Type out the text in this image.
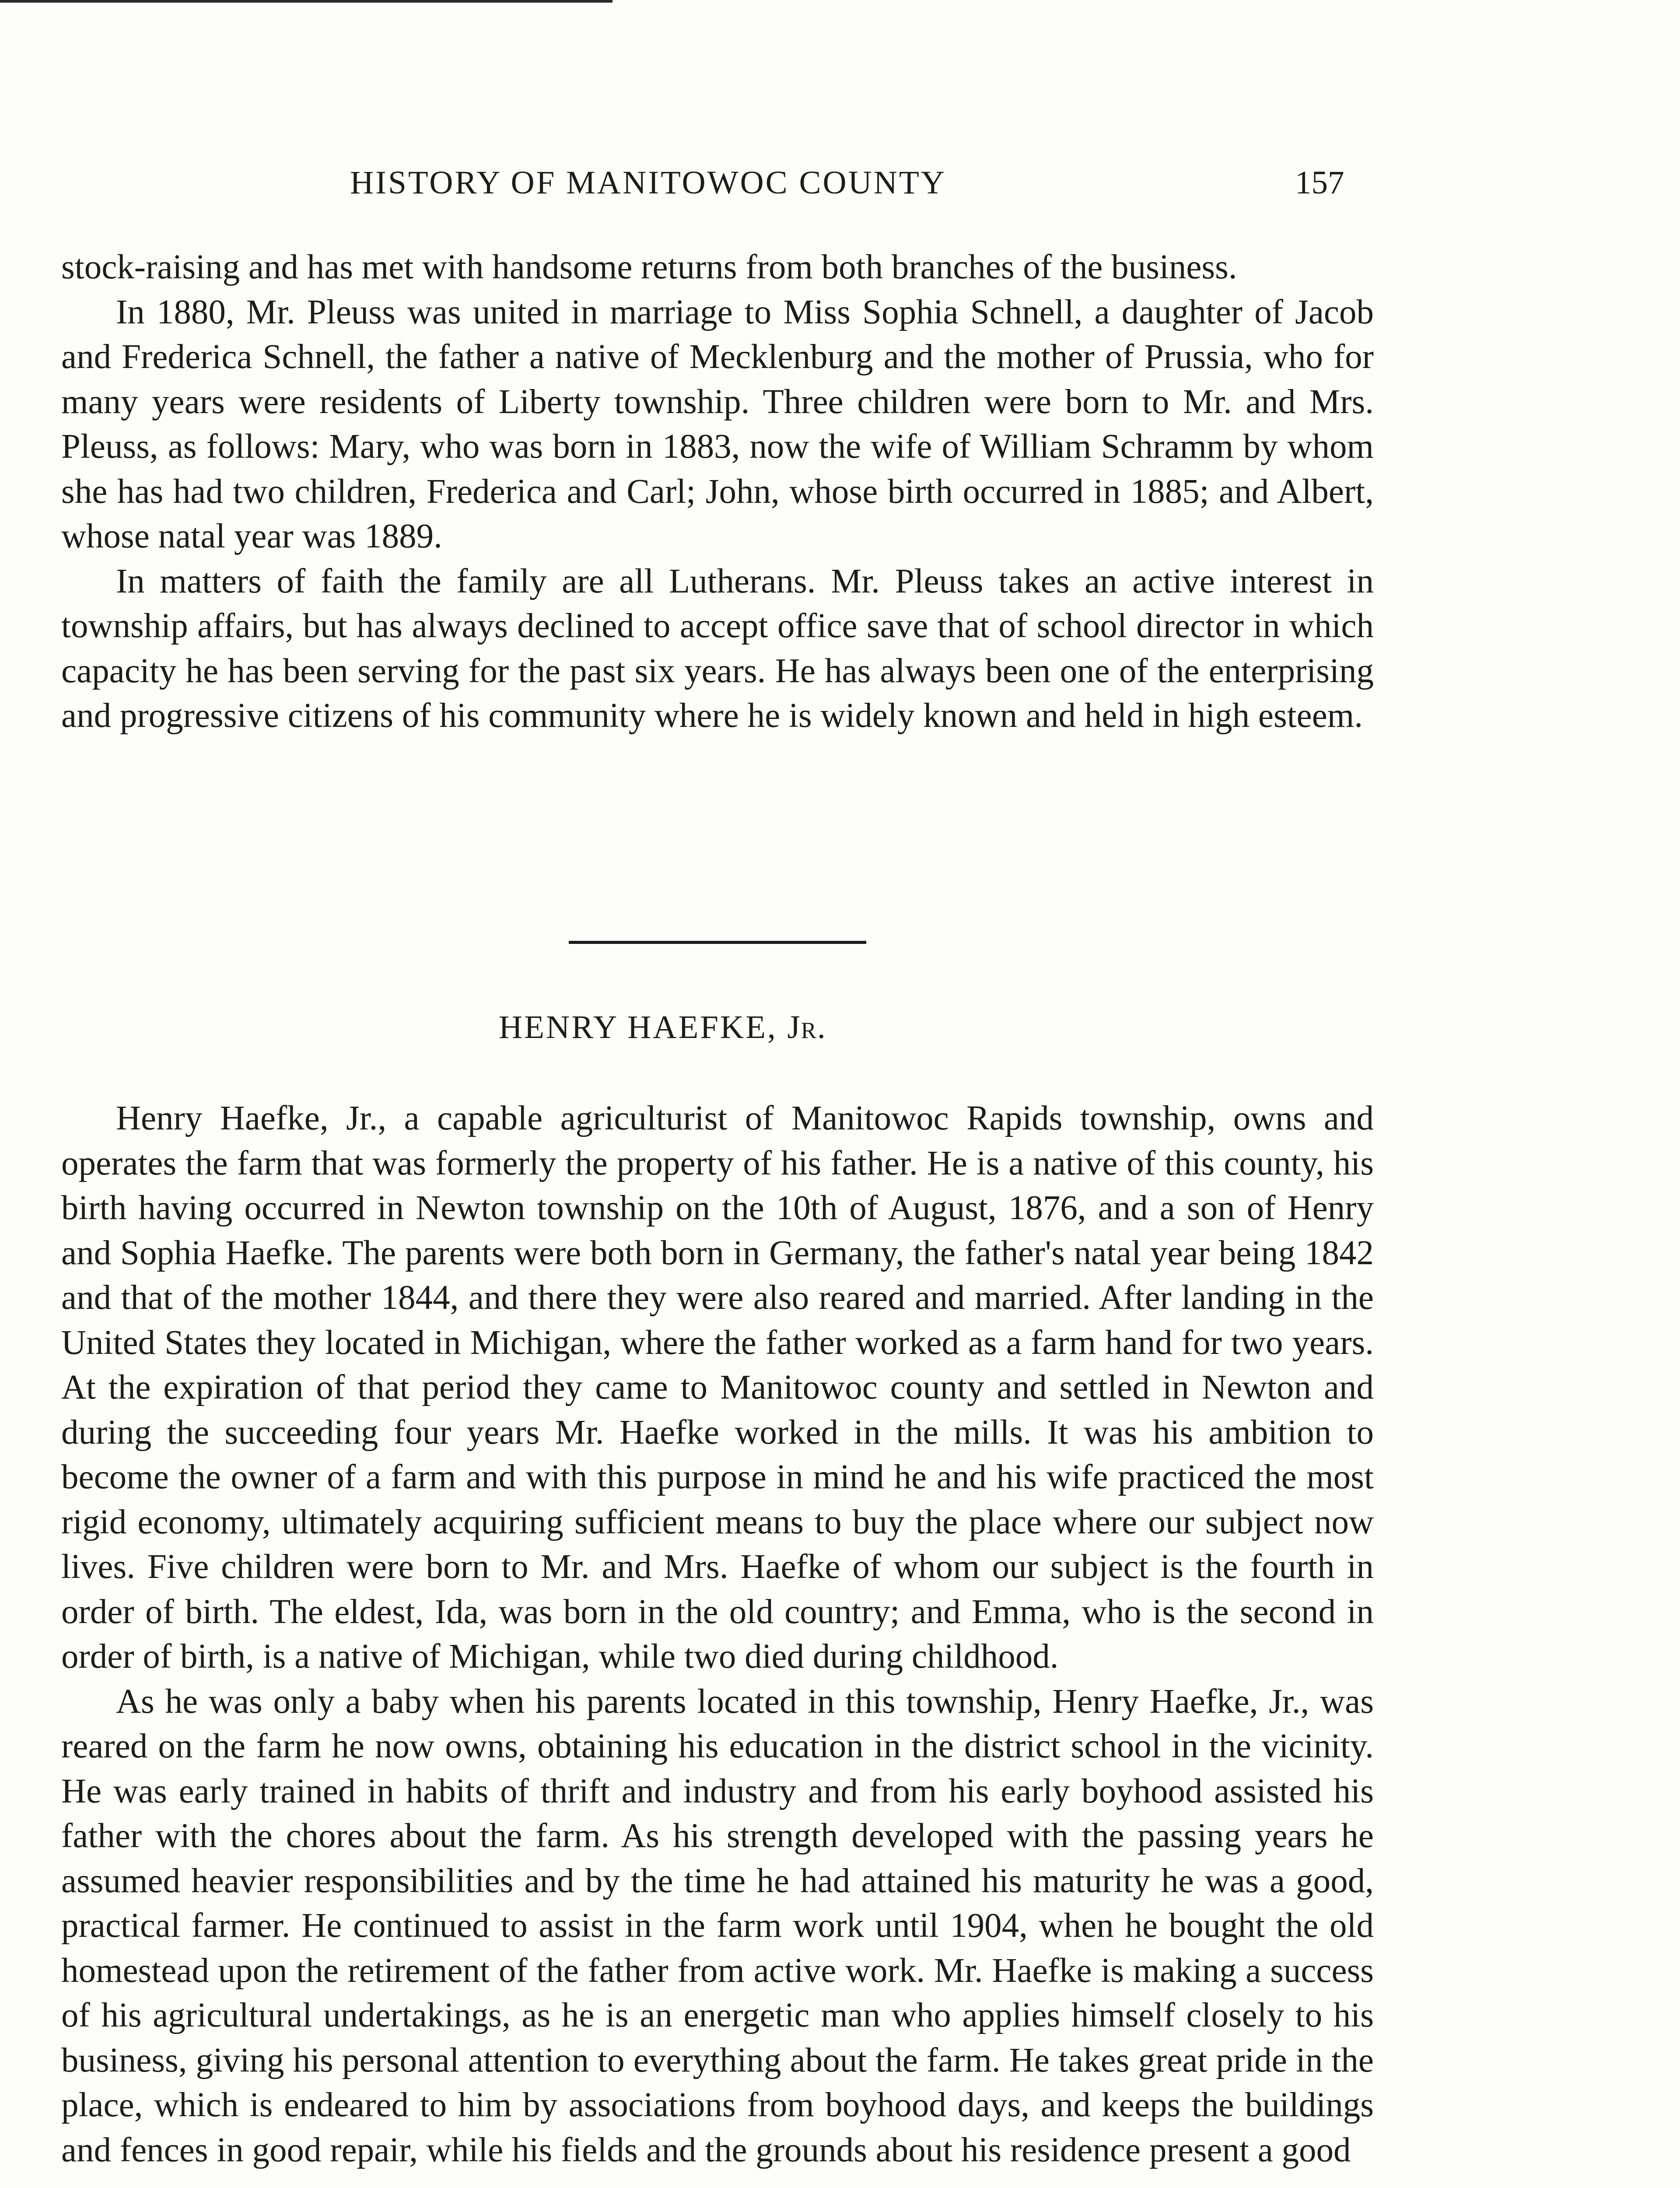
HISTORY OF MANITOWOC COUNTY	157

stock-raising and has met with handsome returns from both branches of the business.

In 1880, Mr. Pleuss was united in marriage to Miss Sophia Schnell, a daughter of Jacob and Frederica Schnell, the father a native of Mecklenburg and the mother of Prussia, who for many years were residents of Liberty township. Three children were born to Mr. and Mrs. Pleuss, as follows: Mary, who was born in 1883, now the wife of William Schramm by whom she has had two children, Frederica and Carl; John, whose birth occurred in 1885; and Albert, whose natal year was 1889.

In matters of faith the family are all Lutherans. Mr. Pleuss takes an active interest in township affairs, but has always declined to accept office save that of school director in which capacity he has been serving for the past six years. He has always been one of the enterprising and progressive citizens of his community where he is widely known and held in high esteem.

HENRY HAEFKE, Jr.

Henry Haefke, Jr., a capable agriculturist of Manitowoc Rapids township, owns and operates the farm that was formerly the property of his father. He is a native of this county, his birth having occurred in Newton township on the 10th of August, 1876, and a son of Henry and Sophia Haefke. The parents were both born in Germany, the father's natal year being 1842 and that of the mother 1844, and there they were also reared and married. After landing in the United States they located in Michigan, where the father worked as a farm hand for two years. At the expiration of that period they came to Manitowoc county and settled in Newton and during the succeeding four years Mr. Haefke worked in the mills. It was his ambition to become the owner of a farm and with this purpose in mind he and his wife practiced the most rigid economy, ultimately acquiring sufficient means to buy the place where our subject now lives. Five children were born to Mr. and Mrs. Haefke of whom our subject is the fourth in order of birth. The eldest, Ida, was born in the old country; and Emma, who is the second in order of birth, is a native of Michigan, while two died during childhood.

As he was only a baby when his parents located in this township, Henry Haefke, Jr., was reared on the farm he now owns, obtaining his education in the district school in the vicinity. He was early trained in habits of thrift and industry and from his early boyhood assisted his father with the chores about the farm. As his strength developed with the passing years he assumed heavier responsibilities and by the time he had attained his maturity he was a good, practical farmer. He continued to assist in the farm work until 1904, when he bought the old homestead upon the retirement of the father from active work. Mr. Haefke is making a success of his agricultural undertakings, as he is an energetic man who applies himself closely to his business, giving his personal attention to everything about the farm. He takes great pride in the place, which is endeared to him by associations from boyhood days, and keeps the buildings and fences in good repair, while his fields and the grounds about his residence present a good
